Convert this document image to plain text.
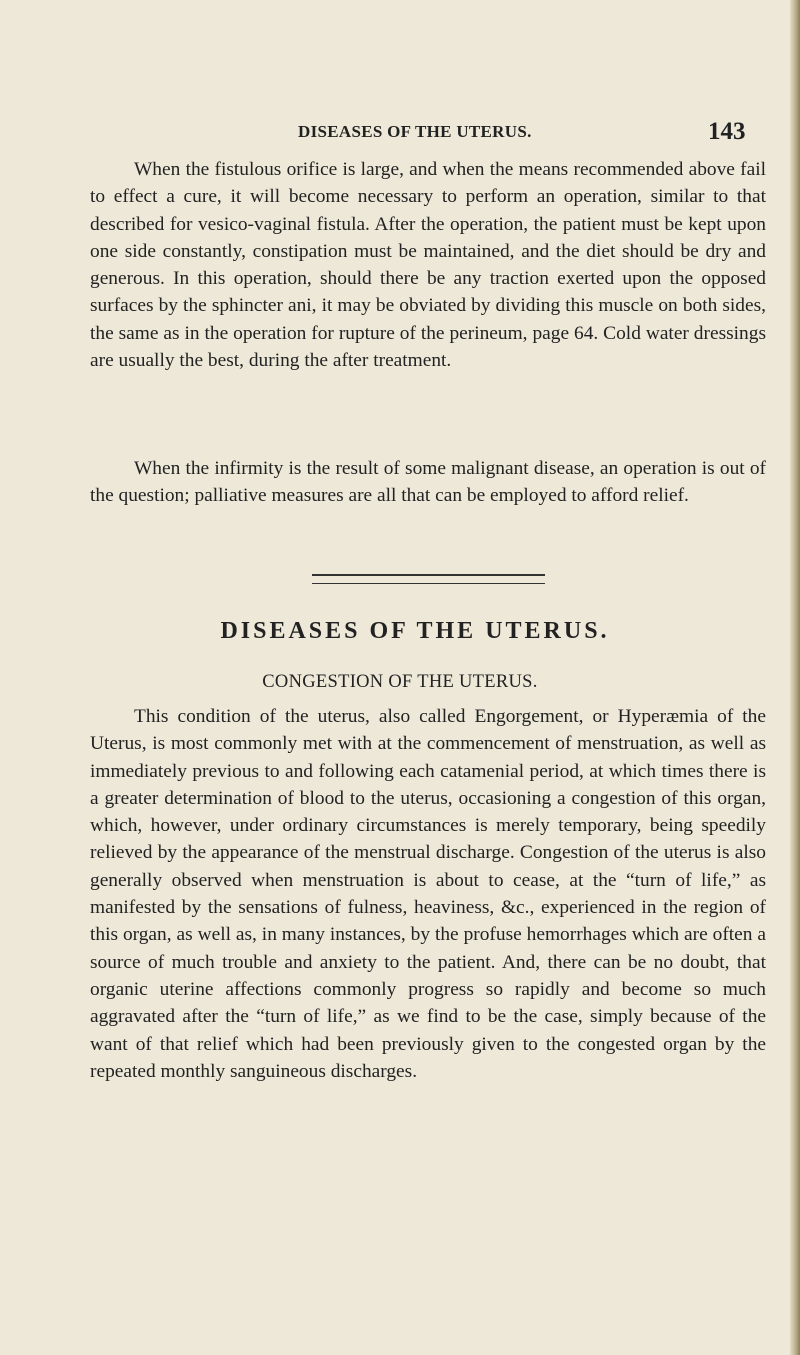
DISEASES OF THE UTERUS.	143

When the fistulous orifice is large, and when the means recommended above fail to effect a cure, it will become necessary to perform an operation, similar to that described for vesico-vaginal fistula. After the operation, the patient must be kept upon one side constantly, constipation must be maintained, and the diet should be dry and generous. In this operation, should there be any traction exerted upon the opposed surfaces by the sphincter ani, it may be obviated by dividing this muscle on both sides, the same as in the operation for rupture of the perineum, page 64. Cold water dressings are usually the best, during the after treatment.

When the infirmity is the result of some malignant disease, an operation is out of the question; palliative measures are all that can be employed to afford relief.

DISEASES OF THE UTERUS.
CONGESTION OF THE UTERUS.

This condition of the uterus, also called Engorgement, or Hyperæmia of the Uterus, is most commonly met with at the commencement of menstruation, as well as immediately previous to and following each catamenial period, at which times there is a greater determination of blood to the uterus, occasioning a congestion of this organ, which, however, under ordinary circumstances is merely temporary, being speedily relieved by the appearance of the menstrual discharge. Congestion of the uterus is also generally observed when menstruation is about to cease, at the “turn of life,” as manifested by the sensations of fulness, heaviness, &c., experienced in the region of this organ, as well as, in many instances, by the profuse hemorrhages which are often a source of much trouble and anxiety to the patient. And, there can be no doubt, that organic uterine affections commonly progress so rapidly and become so much aggravated after the “turn of life,” as we find to be the case, simply because of the want of that relief which had been previously given to the congested organ by the repeated monthly sanguineous discharges.
